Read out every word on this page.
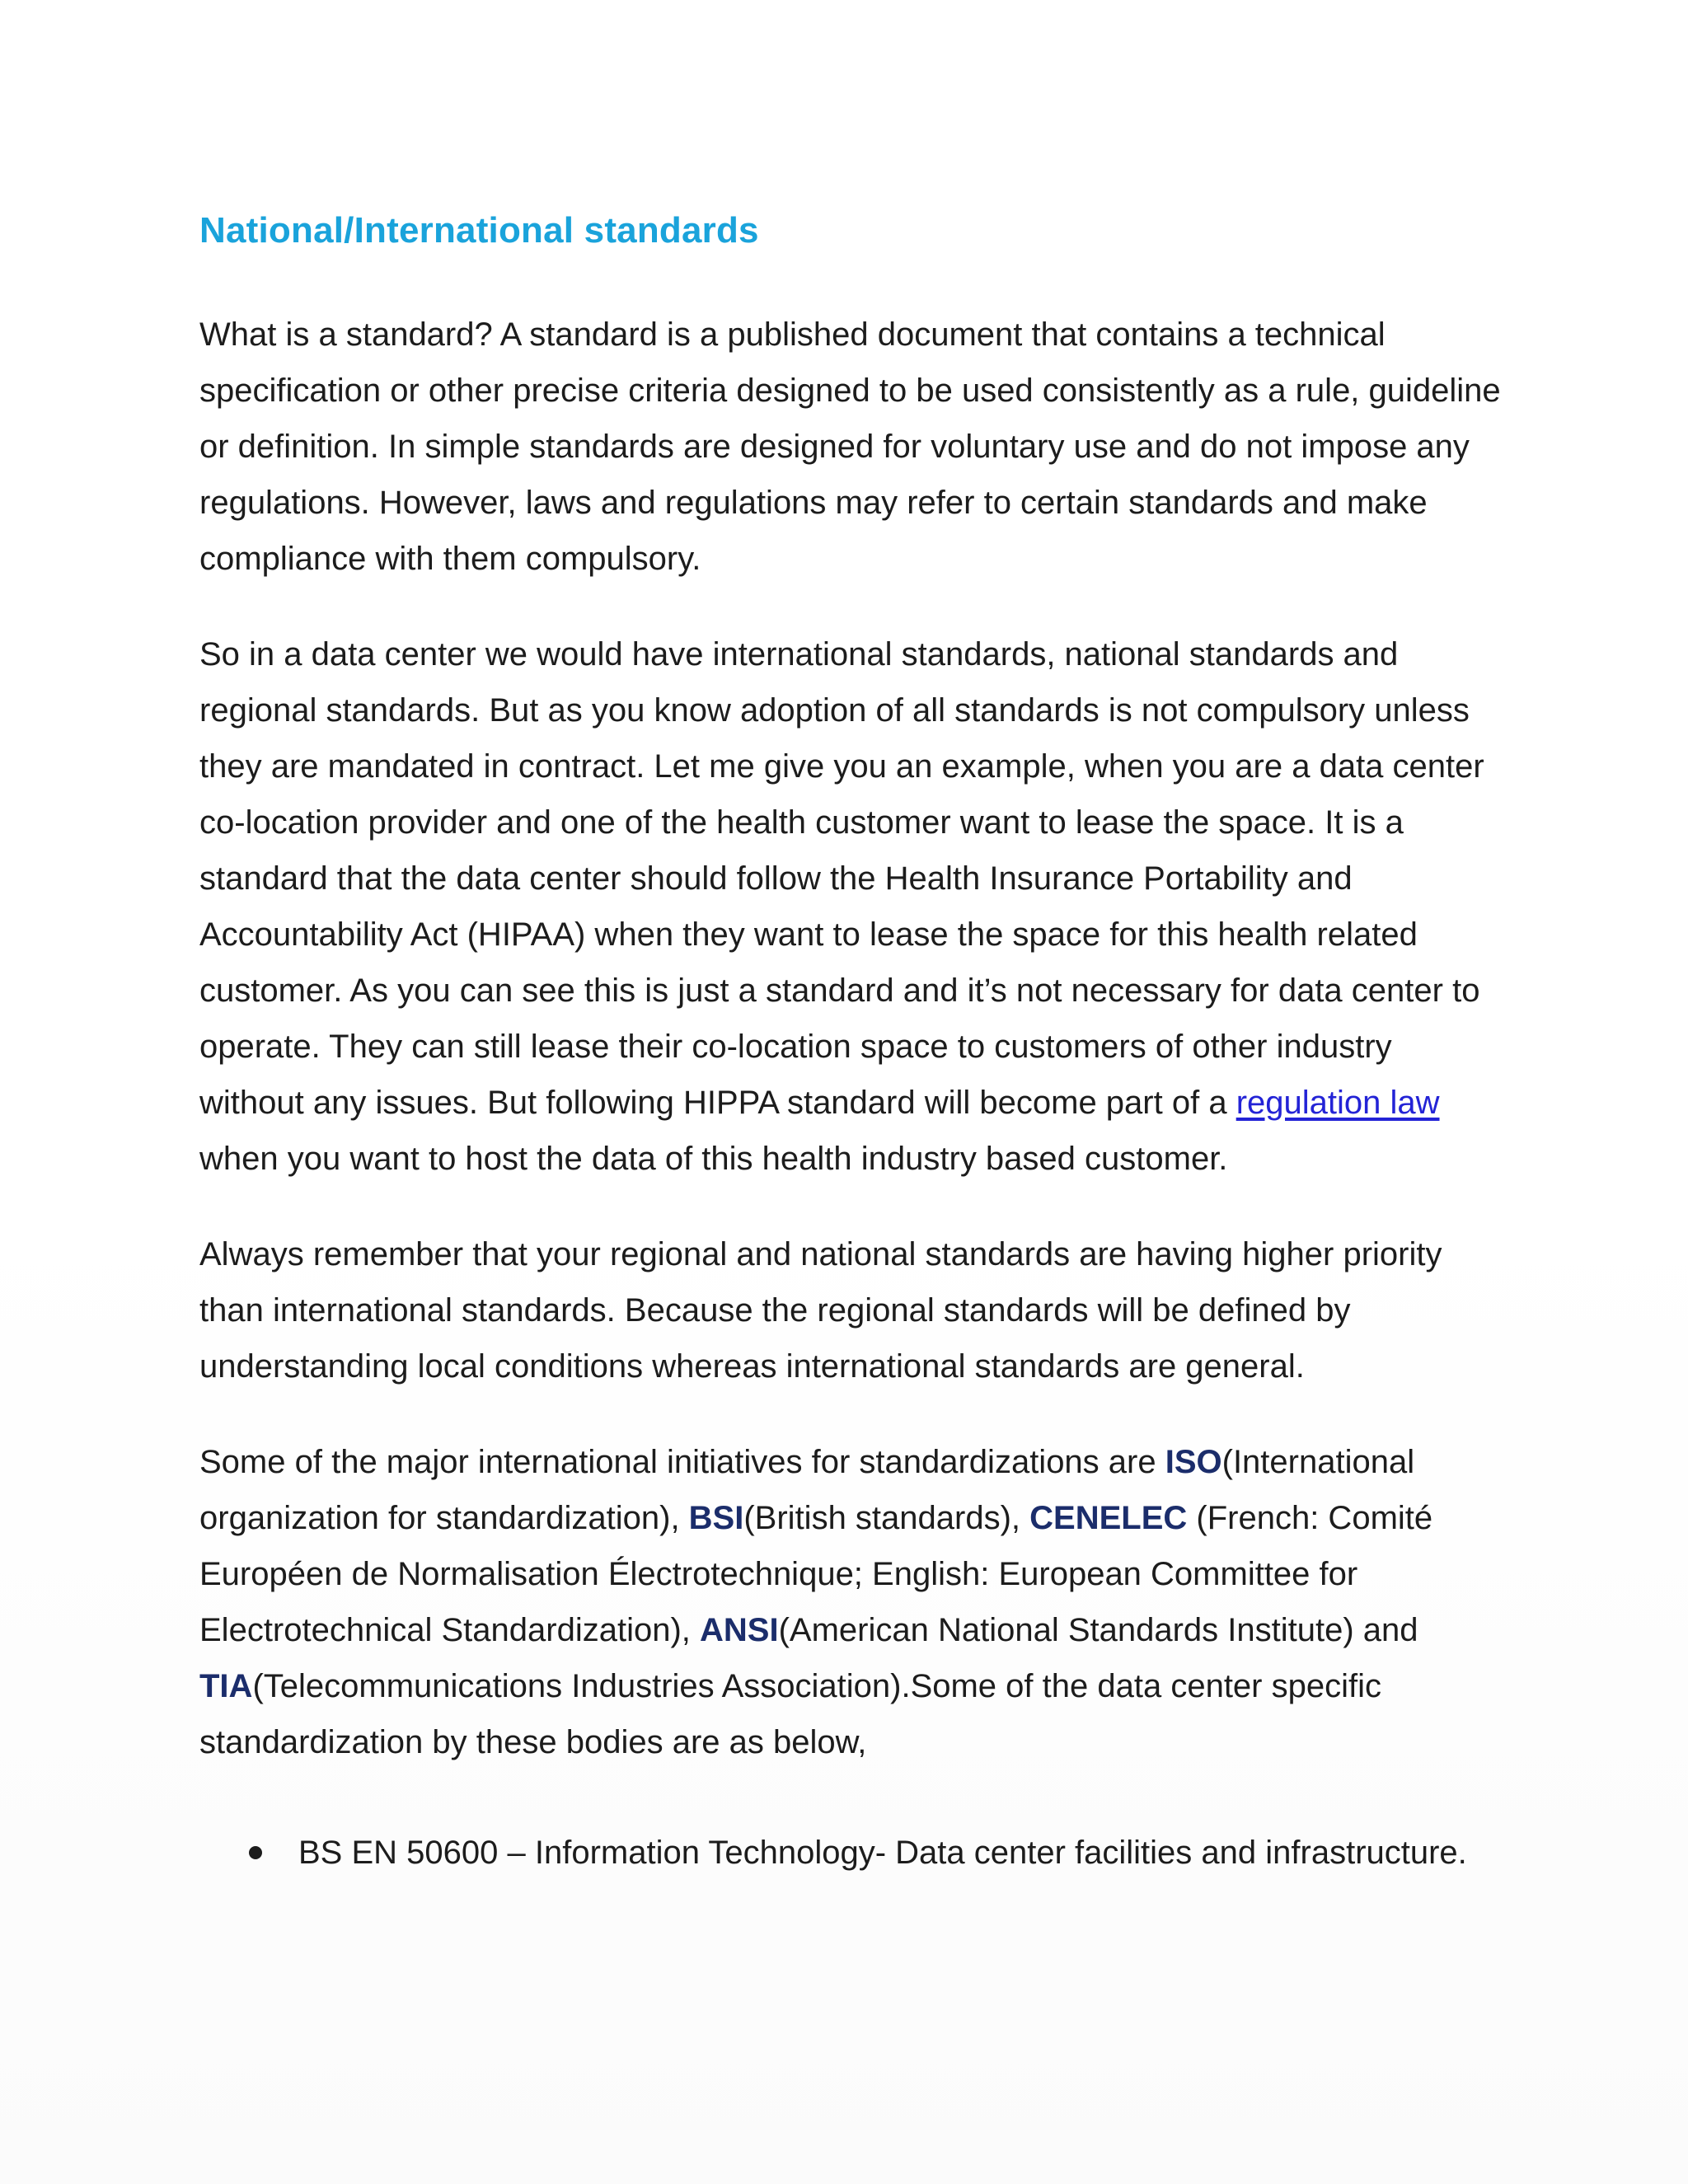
National/International standards

What is a standard? A standard is a published document that contains a technical specification or other precise criteria designed to be used consistently as a rule, guideline or definition. In simple standards are designed for voluntary use and do not impose any regulations. However, laws and regulations may refer to certain standards and make compliance with them compulsory.

So in a data center we would have international standards, national standards and regional standards. But as you know adoption of all standards is not compulsory unless they are mandated in contract. Let me give you an example, when you are a data center co-location provider and one of the health customer want to lease the space. It is a standard that the data center should follow the Health Insurance Portability and Accountability Act (HIPAA) when they want to lease the space for this health related customer. As you can see this is just a standard and it’s not necessary for data center to operate. They can still lease their co-location space to customers of other industry without any issues. But following HIPPA standard will become part of a regulation law when you want to host the data of this health industry based customer.

Always remember that your regional and national standards are having higher priority than international standards. Because the regional standards will be defined by understanding local conditions whereas international standards are general.

Some of the major international initiatives for standardizations are ISO(International organization for standardization), BSI(British standards), CENELEC (French: Comité Européen de Normalisation Électrotechnique; English: European Committee for Electrotechnical Standardization), ANSI(American National Standards Institute) and TIA(Telecommunications Industries Association).Some of the data center specific standardization by these bodies are as below,

BS EN 50600 – Information Technology- Data center facilities and infrastructure.
